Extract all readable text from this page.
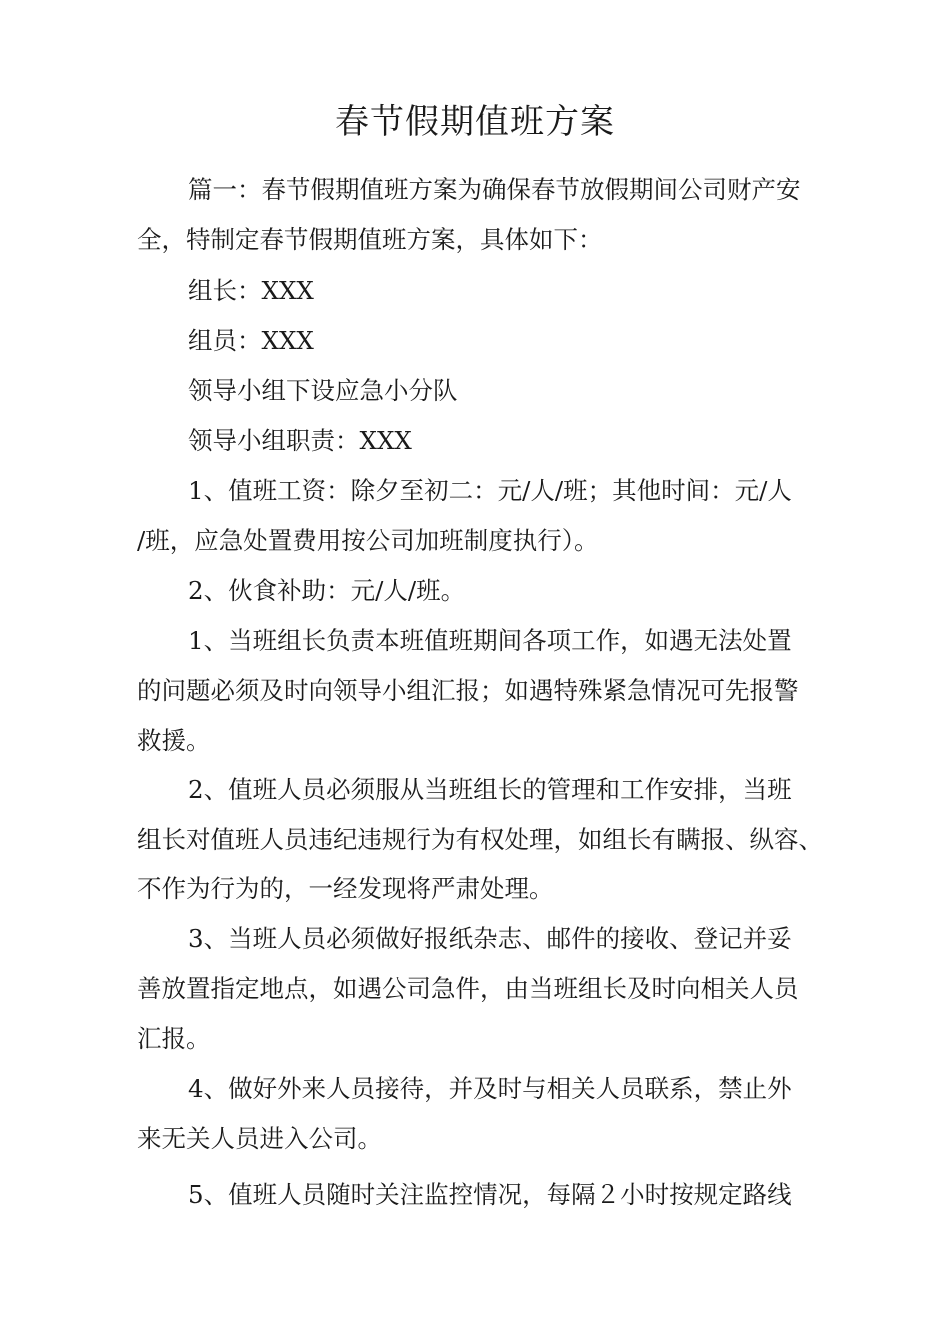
春节假期值班方案
篇一：春节假期值班方案为确保春节放假期间公司财产安
全，特制定春节假期值班方案，具体如下：
组长：XXX
组员：XXX
领导小组下设应急小分队
领导小组职责：XXX
1、值班工资：除夕至初二：元/人/班；其他时间：元/人
/班，应急处置费用按公司加班制度执行）。
2、伙食补助：元/人/班。
1、当班组长负责本班值班期间各项工作，如遇无法处置
的问题必须及时向领导小组汇报；如遇特殊紧急情况可先报警
救援。
2、值班人员必须服从当班组长的管理和工作安排，当班
组长对值班人员违纪违规行为有权处理，如组长有瞒报、纵容、
不作为行为的，一经发现将严肃处理。
3、当班人员必须做好报纸杂志、邮件的接收、登记并妥
善放置指定地点，如遇公司急件，由当班组长及时向相关人员
汇报。
4、做好外来人员接待，并及时与相关人员联系，禁止外
来无关人员进入公司。
5、值班人员随时关注监控情况，每隔２小时按规定路线
